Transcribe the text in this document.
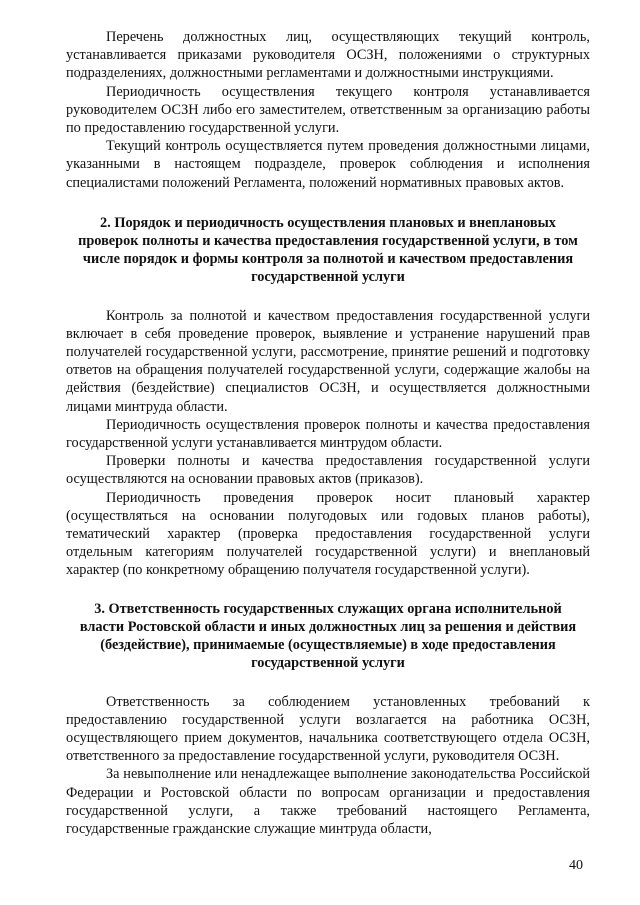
Перечень должностных лиц, осуществляющих текущий контроль, устанавливается приказами руководителя ОСЗН, положениями о структурных подразделениях, должностными регламентами и должностными инструкциями.

Периодичность осуществления текущего контроля устанавливается руководителем ОСЗН либо его заместителем, ответственным за организацию работы по предоставлению государственной услуги.

Текущий контроль осуществляется путем проведения должностными лицами, указанными в настоящем подразделе, проверок соблюдения и исполнения специалистами положений Регламента, положений нормативных правовых актов.

2. Порядок и периодичность осуществления плановых и внеплановых проверок полноты и качества предоставления государственной услуги, в том числе порядок и формы контроля за полнотой и качеством предоставления государственной услуги

Контроль за полнотой и качеством предоставления государственной услуги включает в себя проведение проверок, выявление и устранение нарушений прав получателей государственной услуги, рассмотрение, принятие решений и подготовку ответов на обращения получателей государственной услуги, содержащие жалобы на действия (бездействие) специалистов ОСЗН, и осуществляется должностными лицами минтруда области.

Периодичность осуществления проверок полноты и качества предоставления государственной услуги устанавливается минтрудом области.

Проверки полноты и качества предоставления государственной услуги осуществляются на основании правовых актов (приказов).

Периодичность проведения проверок носит плановый характер (осуществляться на основании полугодовых или годовых планов работы), тематический характер (проверка предоставления государственной услуги отдельным категориям получателей государственной услуги) и внеплановый характер (по конкретному обращению получателя государственной услуги).

3. Ответственность государственных служащих органа исполнительной власти Ростовской области и иных должностных лиц за решения и действия (бездействие), принимаемые (осуществляемые) в ходе предоставления государственной услуги

Ответственность за соблюдением установленных требований к предоставлению государственной услуги возлагается на работника ОСЗН, осуществляющего прием документов, начальника соответствующего отдела ОСЗН, ответственного за предоставление государственной услуги, руководителя ОСЗН.

За невыполнение или ненадлежащее выполнение законодательства Российской Федерации и Ростовской области по вопросам организации и предоставления государственной услуги, а также требований настоящего Регламента, государственные гражданские служащие минтруда области,

40
